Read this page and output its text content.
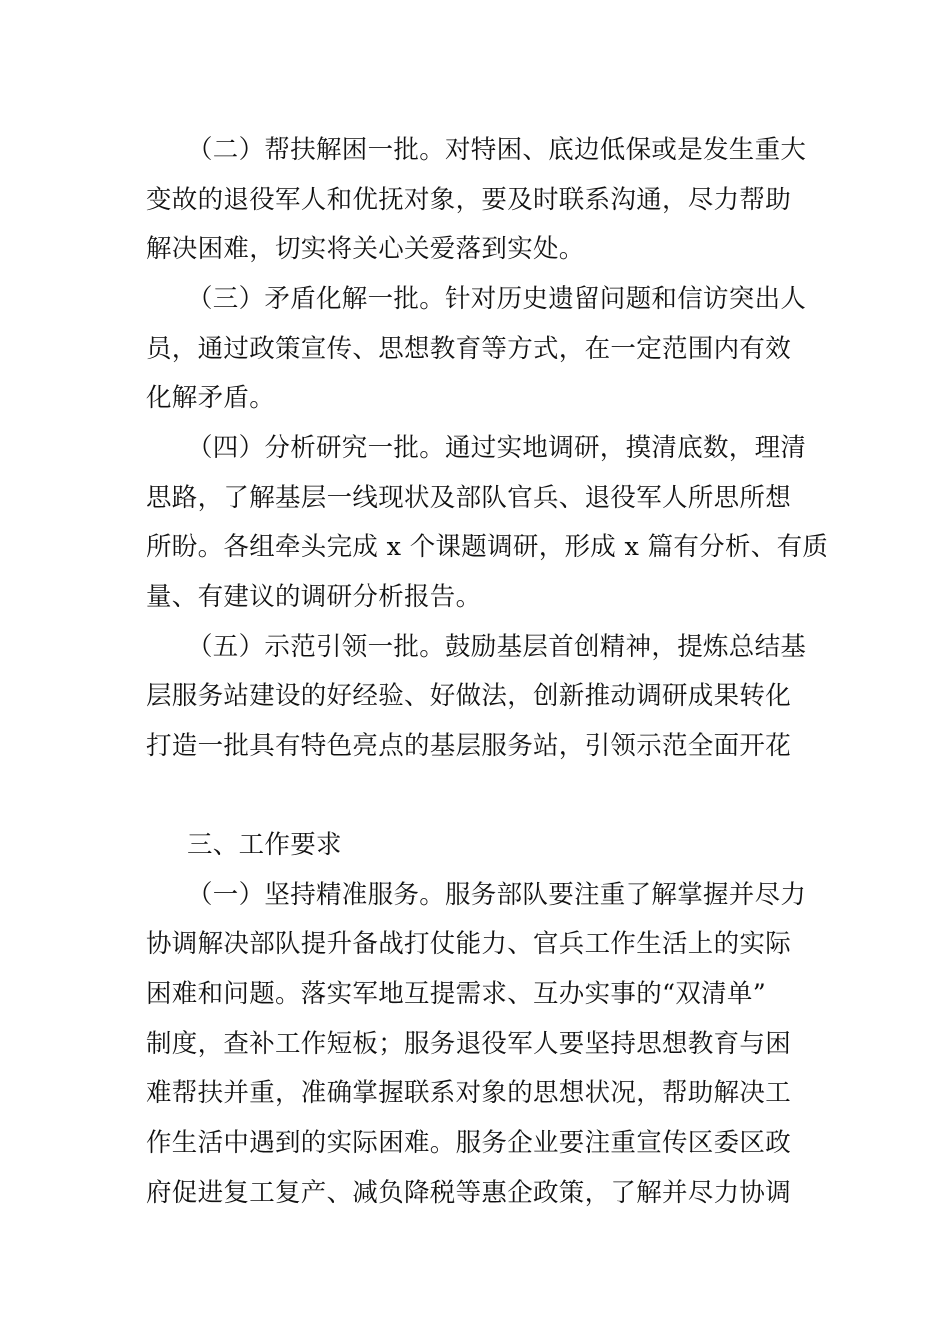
（二）帮扶解困一批。对特困、底边低保或是发生重大
变故的退役军人和优抚对象，要及时联系沟通，尽力帮助
解决困难，切实将关心关爱落到实处。
（三）矛盾化解一批。针对历史遗留问题和信访突出人
员，通过政策宣传、思想教育等方式，在一定范围内有效
化解矛盾。
（四）分析研究一批。通过实地调研，摸清底数，理清
思路，了解基层一线现状及部队官兵、退役军人所思所想
所盼。各组牵头完成 x 个课题调研，形成 x 篇有分析、有质
量、有建议的调研分析报告。
（五）示范引领一批。鼓励基层首创精神，提炼总结基
层服务站建设的好经验、好做法，创新推动调研成果转化
打造一批具有特色亮点的基层服务站，引领示范全面开花
三、工作要求
（一）坚持精准服务。服务部队要注重了解掌握并尽力
协调解决部队提升备战打仗能力、官兵工作生活上的实际
困难和问题。落实军地互提需求、互办实事的“双清单”
制度，查补工作短板；服务退役军人要坚持思想教育与困
难帮扶并重，准确掌握联系对象的思想状况，帮助解决工
作生活中遇到的实际困难。服务企业要注重宣传区委区政
府促进复工复产、减负降税等惠企政策，了解并尽力协调
